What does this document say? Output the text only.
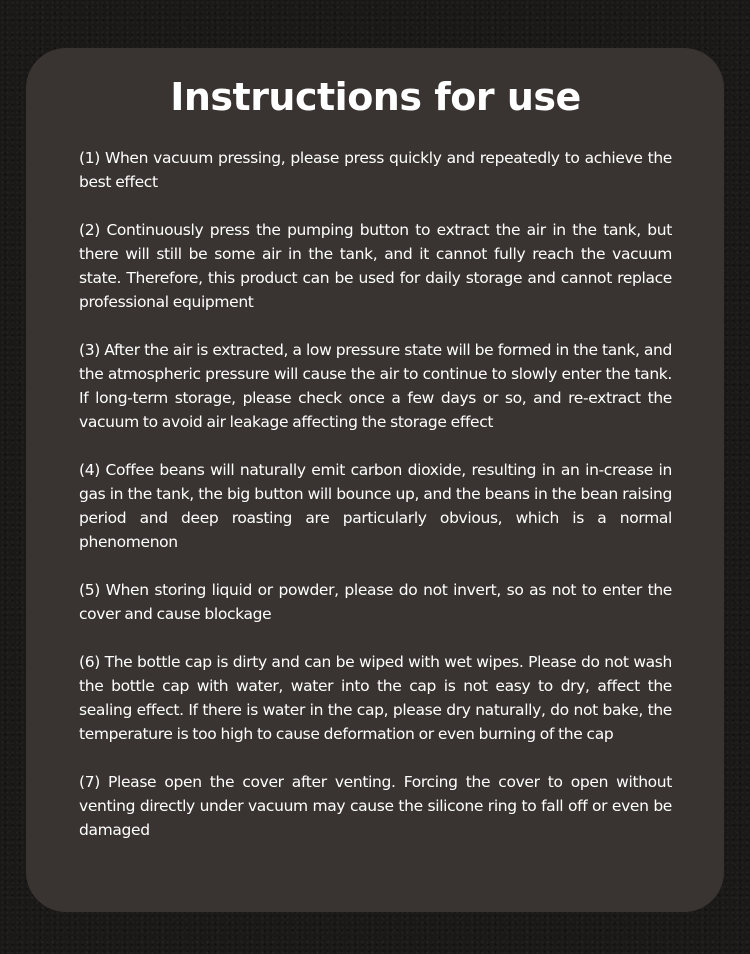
Instructions for use

(1) When vacuum pressing, please press quickly and repeatedly to achieve the best effect

(2) Continuously press the pumping button to extract the air in the tank, but there will still be some air in the tank, and it cannot fully reach the vacuum state. Therefore, this product can be used for daily storage and cannot replace professional equipment

(3) After the air is extracted, a low pressure state will be formed in the tank, and the atmospheric pressure will cause the air to continue to slowly enter the tank. If long-term storage, please check once a few days or so, and re-extract the vacuum to avoid air leakage affecting the storage effect

(4) Coffee beans will naturally emit carbon dioxide, resulting in an in-crease in gas in the tank, the big button will bounce up, and the beans in the bean raising period and deep roasting are particularly obvious, which is a normal phenomenon

(5) When storing liquid or powder, please do not invert, so as not to enter the cover and cause blockage

(6) The bottle cap is dirty and can be wiped with wet wipes. Please do not wash the bottle cap with water, water into the cap is not easy to dry, affect the sealing effect. If there is water in the cap, please dry naturally, do not bake, the temperature is too high to cause deformation or even burning of the cap

(7) Please open the cover after venting. Forcing the cover to open without venting directly under vacuum may cause the silicone ring to fall off or even be damaged
